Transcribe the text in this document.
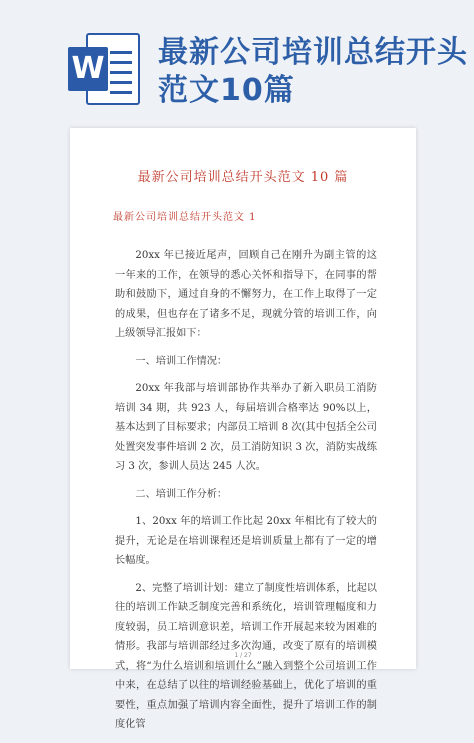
W 最新公司培训总结开头范文10篇
最新公司培训总结开头范文 10 篇
最新公司培训总结开头范文 1

20xx 年已接近尾声，回顾自己在刚升为副主管的这一年来的工作，在领导的悉心关怀和指导下，在同事的帮助和鼓励下，通过自身的不懈努力，在工作上取得了一定的成果，但也存在了诸多不足，现就分管的培训工作，向上级领导汇报如下：

一、培训工作情况：

20xx 年我部与培训部协作共举办了新入职员工消防培训 34 期，共 923 人，每届培训合格率达 90%以上，基本达到了目标要求；内部员工培训 8 次(其中包括全公司处置突发事件培训 2 次，员工消防知识 3 次，消防实战练习 3 次，参训人员达 245 人次。

二、培训工作分析：

1、20xx 年的培训工作比起 20xx 年相比有了较大的提升，无论是在培训课程还是培训质量上都有了一定的增长幅度。

2、完整了培训计划：建立了制度性培训体系，比起以往的培训工作缺乏制度完善和系统化，培训管理幅度和力度较弱，员工培训意识差，培训工作开展起来较为困难的情形。我部与培训部经过多次沟通，改变了原有的培训模式，将“为什么培训和培训什么”融入到整个公司培训工作中来，在总结了以往的培训经验基础上，优化了培训的重要性，重点加强了培训内容全面性，提升了培训工作的制度化管

1 / 27
